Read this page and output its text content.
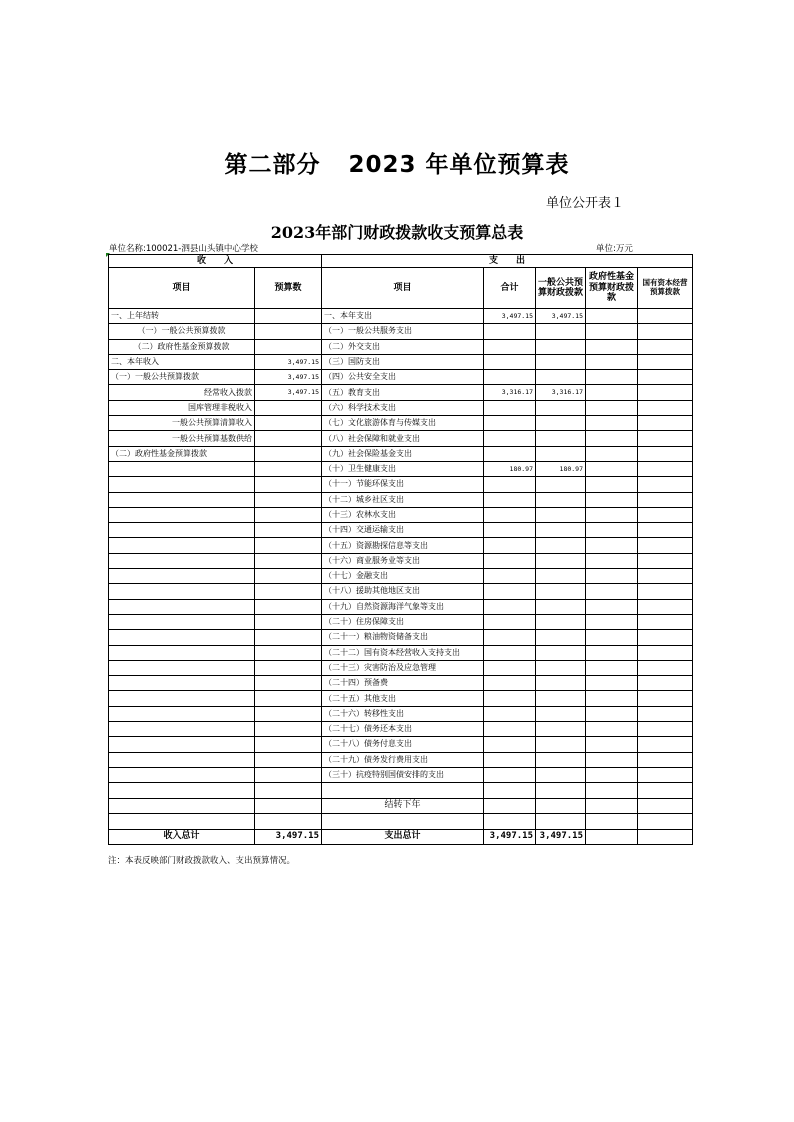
第二部分 2023 年单位预算表
单位公开表１
2023年部门财政拨款收支预算总表
单位名称:100021-泗县山头镇中心学校	单位:万元
收　　入		支　　出				
项目	预算数	项目	合计	一般公共预算财政拨款	政府性基金预算财政拨款	国有资本经营预算拨款
一、上年结转		一、本年支出	3,497.15	3,497.15		
（一）一般公共预算拨款		（一）一般公共服务支出				
（二）政府性基金预算拨款		（二）外交支出				
二、本年收入	3,497.15	（三）国防支出				
（一）一般公共预算拨款	3,497.15	（四）公共安全支出				
经常收入拨款	3,497.15	（五）教育支出	3,316.17	3,316.17		
国库管理非税收入		（六）科学技术支出				
一般公共预算清算收入		（七）文化旅游体育与传媒支出				
一般公共预算基数供给		（八）社会保障和就业支出				
（二）政府性基金预算拨款		（九）社会保险基金支出				
		（十）卫生健康支出	180.97	180.97		
		（十一）节能环保支出				
		（十二）城乡社区支出				
		（十三）农林水支出				
		（十四）交通运输支出				
		（十五）资源勘探信息等支出				
		（十六）商业服务业等支出				
		（十七）金融支出				
		（十八）援助其他地区支出				
		（十九）自然资源海洋气象等支出				
		（二十）住房保障支出				
		（二十一）粮油物资储备支出				
		（二十二）国有资本经营收入支持支出				
		（二十三）灾害防治及应急管理				
		（二十四）预备费				
		（二十五）其他支出				
		（二十六）转移性支出				
		（二十七）债务还本支出				
		（二十八）债务付息支出				
		（二十九）债务发行费用支出				
		（三十）抗疫特别国债安排的支出				

		结转下年				

收入总计	3,497.15	支出总计	3,497.15	3,497.15		
注：本表反映部门财政拨款收入、支出预算情况。
